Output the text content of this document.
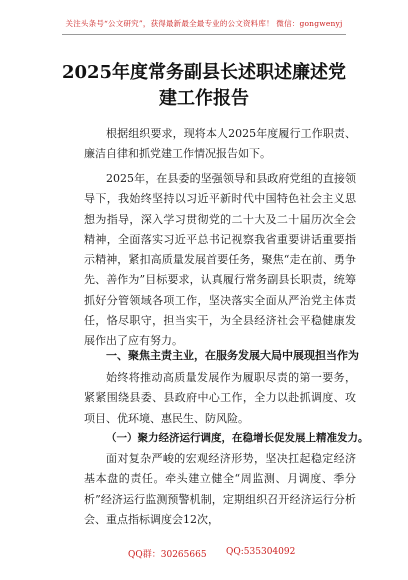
关注头条号“公文研究”，获得最新最全最专业的公文资料库！ 微信：gongwenyj
2025年度常务副县长述职述廉述党建工作报告

根据组织要求，现将本人2025年度履行工作职责、廉洁自律和抓党建工作情况报告如下。

2025年，在县委的坚强领导和县政府党组的直接领导下，我始终坚持以习近平新时代中国特色社会主义思想为指导，深入学习贯彻党的二十大及二十届历次全会精神，全面落实习近平总书记视察我省重要讲话重要指示精神，紧扣高质量发展首要任务，聚焦“走在前、勇争先、善作为”目标要求，认真履行常务副县长职责，统筹抓好分管领域各项工作，坚决落实全面从严治党主体责任，恪尽职守，担当实干，为全县经济社会平稳健康发展作出了应有努力。

一、聚焦主责主业，在服务发展大局中展现担当作为

始终将推动高质量发展作为履职尽责的第一要务，紧紧围绕县委、县政府中心工作，全力以赴抓调度、攻项目、优环境、惠民生、防风险。

（一）聚力经济运行调度，在稳增长促发展上精准发力。

面对复杂严峻的宏观经济形势，坚决扛起稳定经济基本盘的责任。牵头建立健全“周监测、月调度、季分析”经济运行监测预警机制，定期组织召开经济运行分析会、重点指标调度会12次，

QQ群：30265665 QQ:535304092
